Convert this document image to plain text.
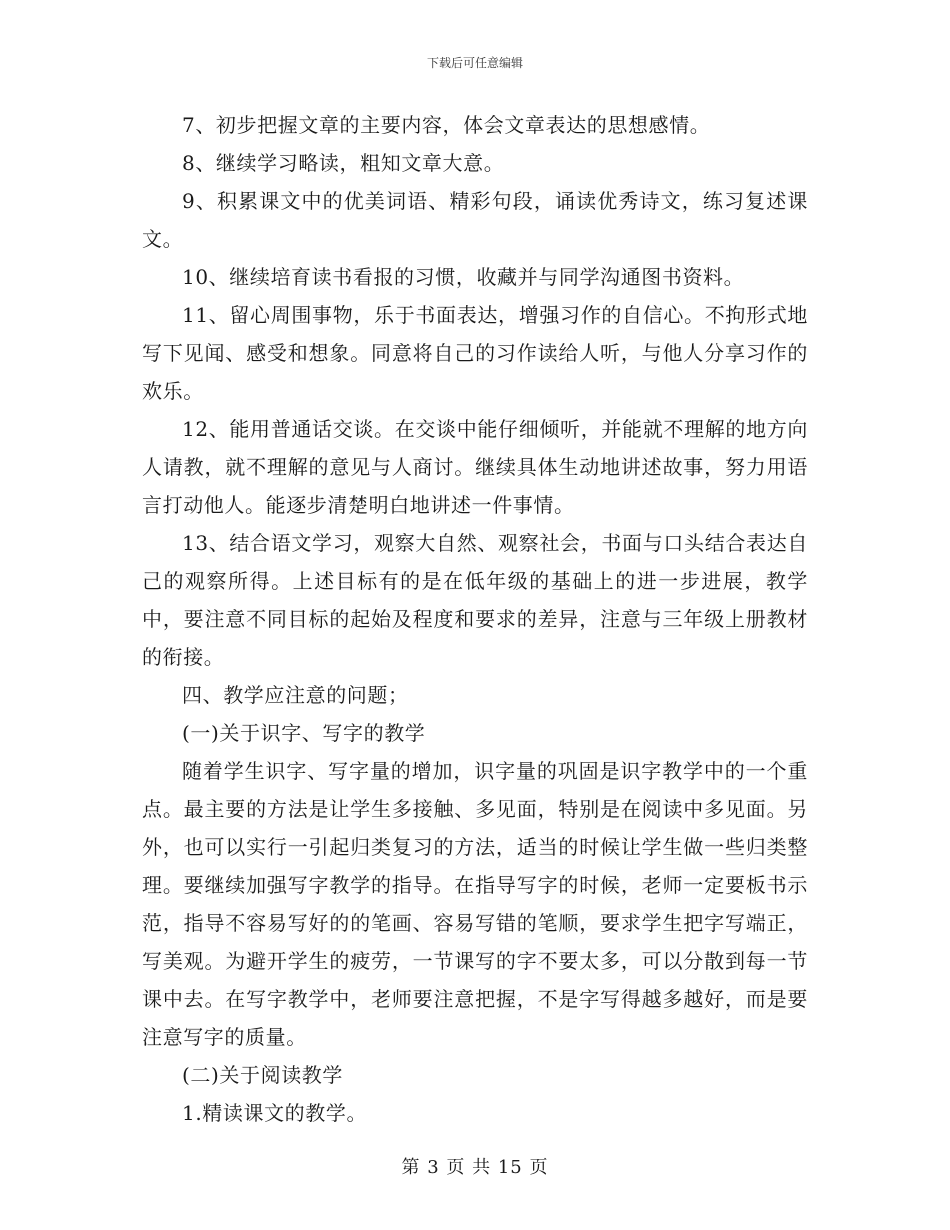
下载后可任意编辑

7、初步把握文章的主要内容，体会文章表达的思想感情。

8、继续学习略读，粗知文章大意。

9、积累课文中的优美词语、精彩句段，诵读优秀诗文，练习复述课文。

10、继续培育读书看报的习惯，收藏并与同学沟通图书资料。

11、留心周围事物，乐于书面表达，增强习作的自信心。不拘形式地写下见闻、感受和想象。同意将自己的习作读给人听，与他人分享习作的欢乐。

12、能用普通话交谈。在交谈中能仔细倾听，并能就不理解的地方向人请教，就不理解的意见与人商讨。继续具体生动地讲述故事，努力用语言打动他人。能逐步清楚明白地讲述一件事情。

13、结合语文学习，观察大自然、观察社会，书面与口头结合表达自己的观察所得。上述目标有的是在低年级的基础上的进一步进展，教学中，要注意不同目标的起始及程度和要求的差异，注意与三年级上册教材的衔接。

四、教学应注意的问题；

(一)关于识字、写字的教学

随着学生识字、写字量的增加，识字量的巩固是识字教学中的一个重点。最主要的方法是让学生多接触、多见面，特别是在阅读中多见面。另外，也可以实行一引起归类复习的方法，适当的时候让学生做一些归类整理。要继续加强写字教学的指导。在指导写字的时候，老师一定要板书示范，指导不容易写好的的笔画、容易写错的笔顺，要求学生把字写端正，写美观。为避开学生的疲劳，一节课写的字不要太多，可以分散到每一节课中去。在写字教学中，老师要注意把握，不是字写得越多越好，而是要注意写字的质量。

(二)关于阅读教学

1.精读课文的教学。

第 3 页 共 15 页
